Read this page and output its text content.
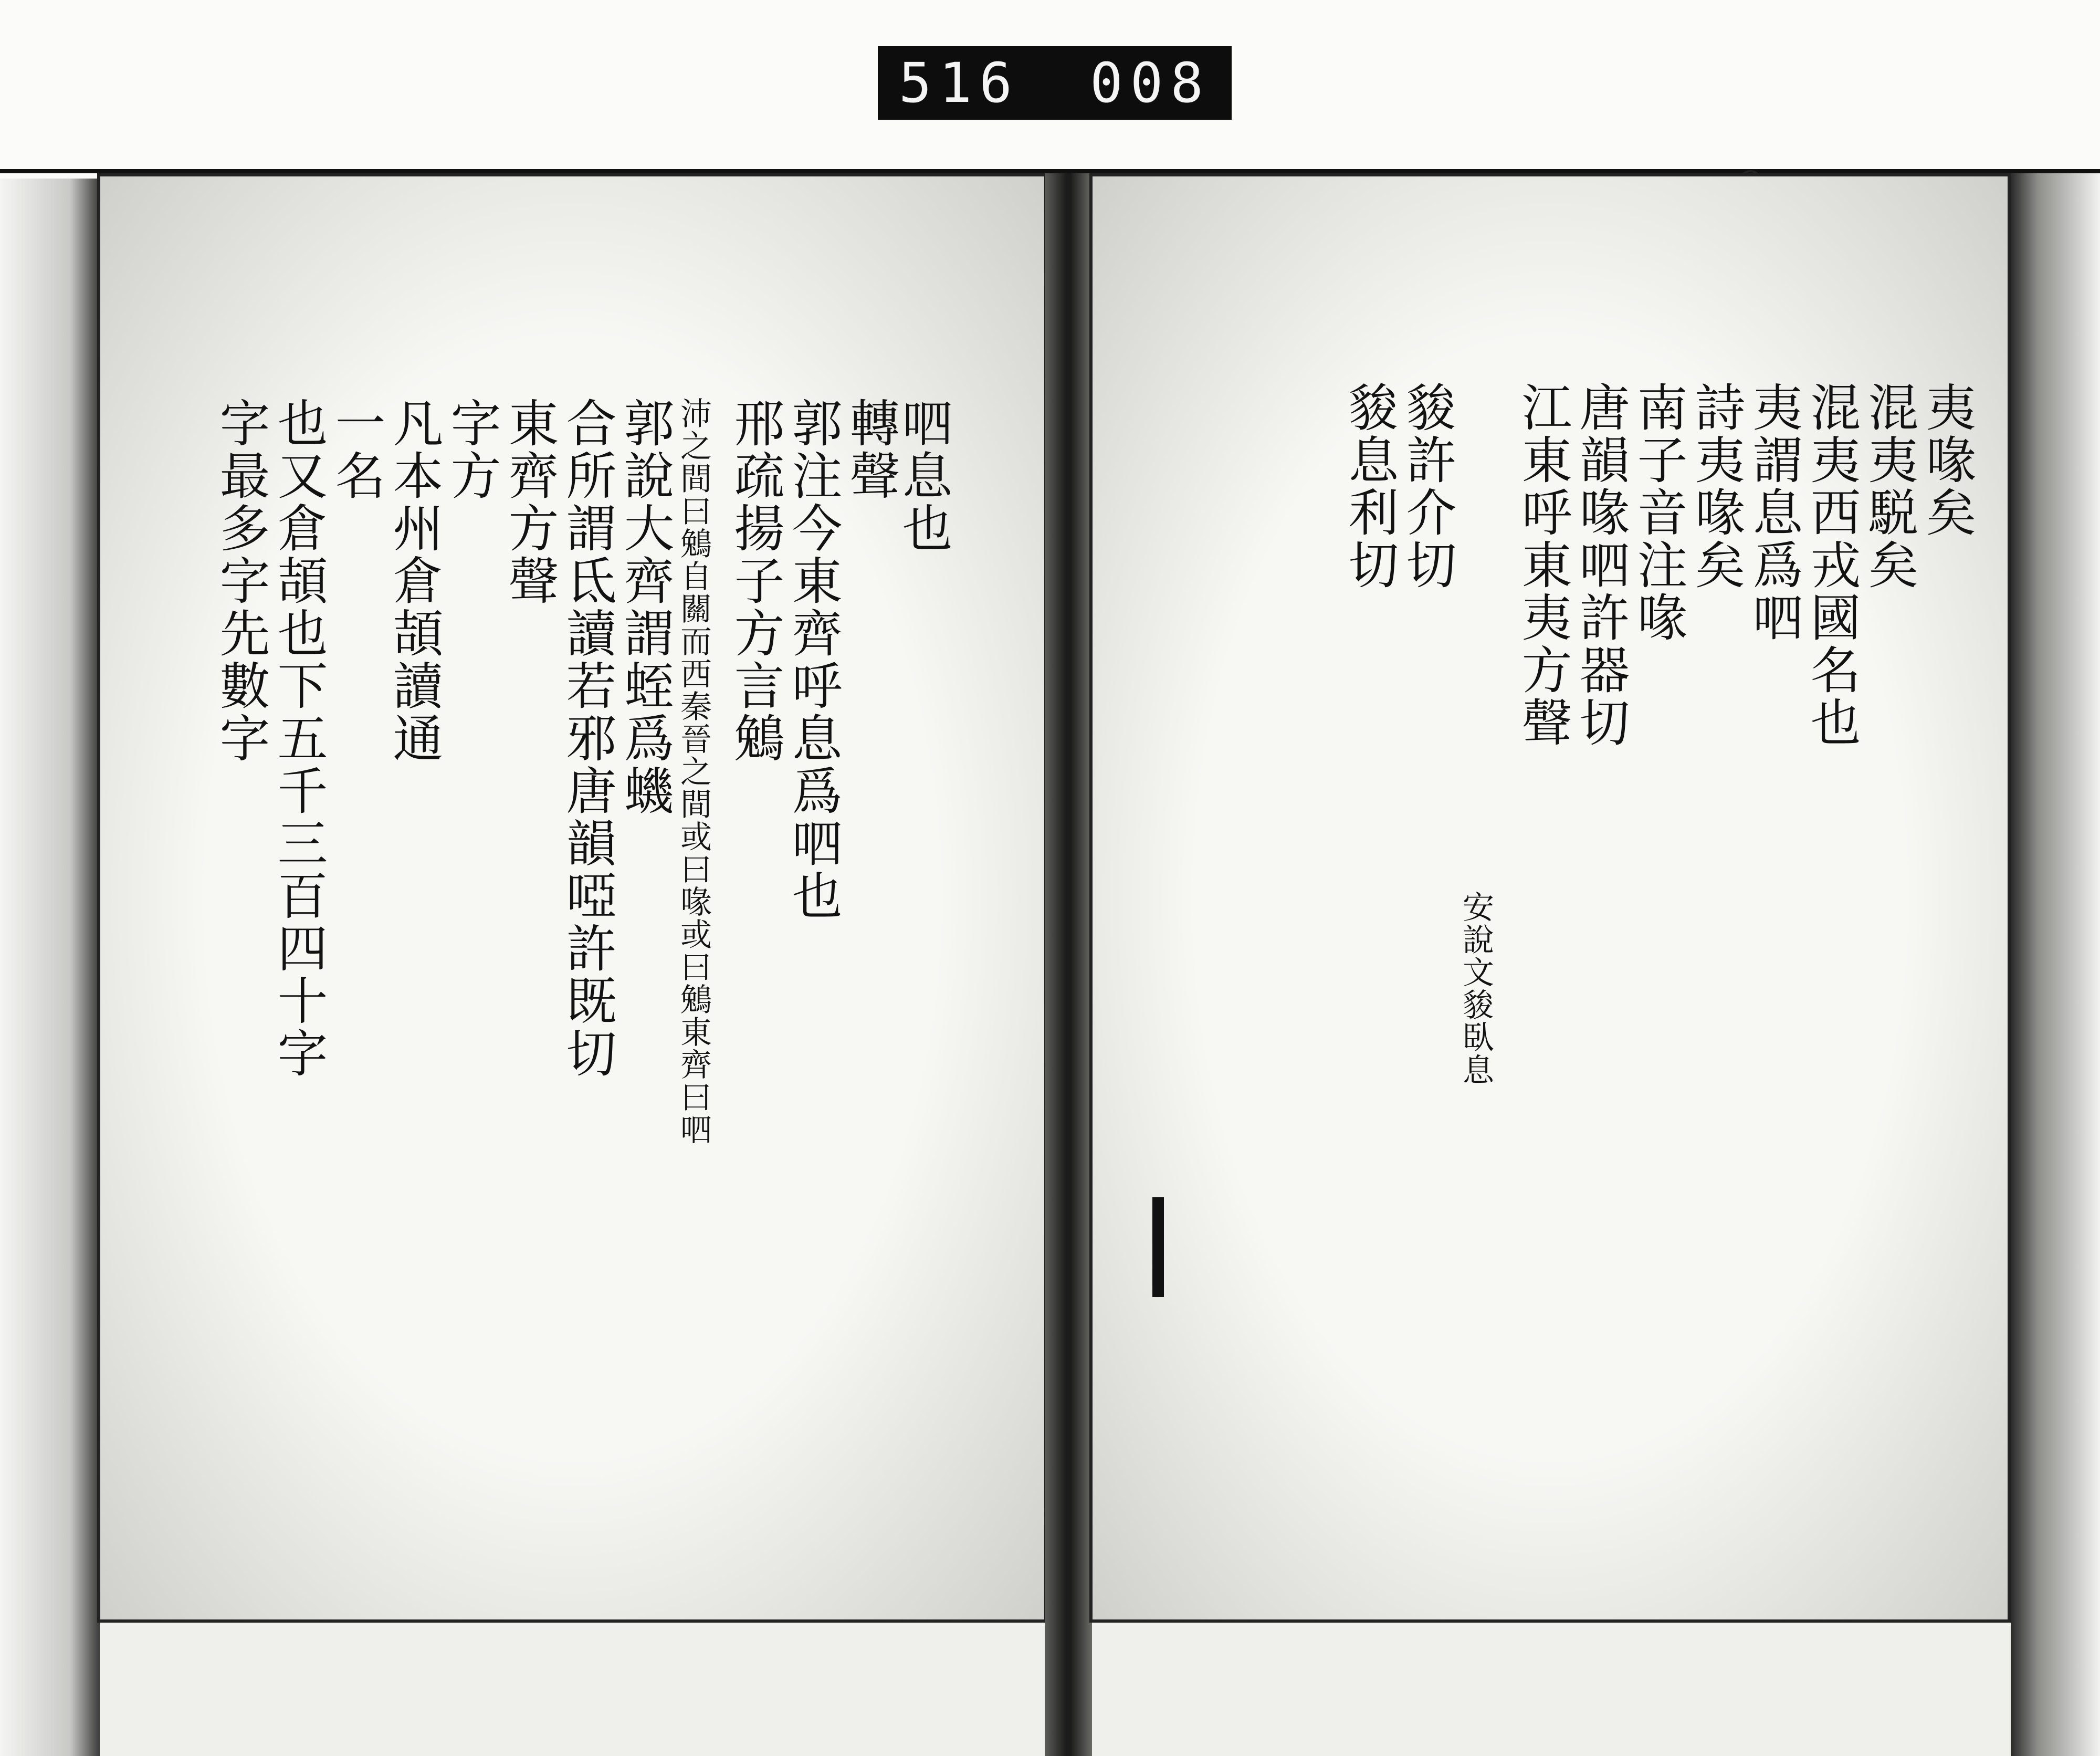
516 008
呬息也
轉聲
郭注今東齊呼息爲呬也
邢疏揚子方言鵵
沛之間曰鵵自關而西秦晉之間或曰喙或曰鵵東齊曰呬
郭說大齊謂蛭爲蟣
合所謂氐讀若邪唐韻啞許既切
東齊方聲
字方
凡本州倉頡讀通
一名
也又倉頡也下五千三百四十字
字最多字先數字	夷喙矣
混夷駾矣
混夷西戎國名也
夷謂息爲呬
詩夷喙矣
南子音注喙
唐韻喙呬許器切
江東呼東夷方聲
安說文䝜臥息
䝜許介切
䝜息利切
